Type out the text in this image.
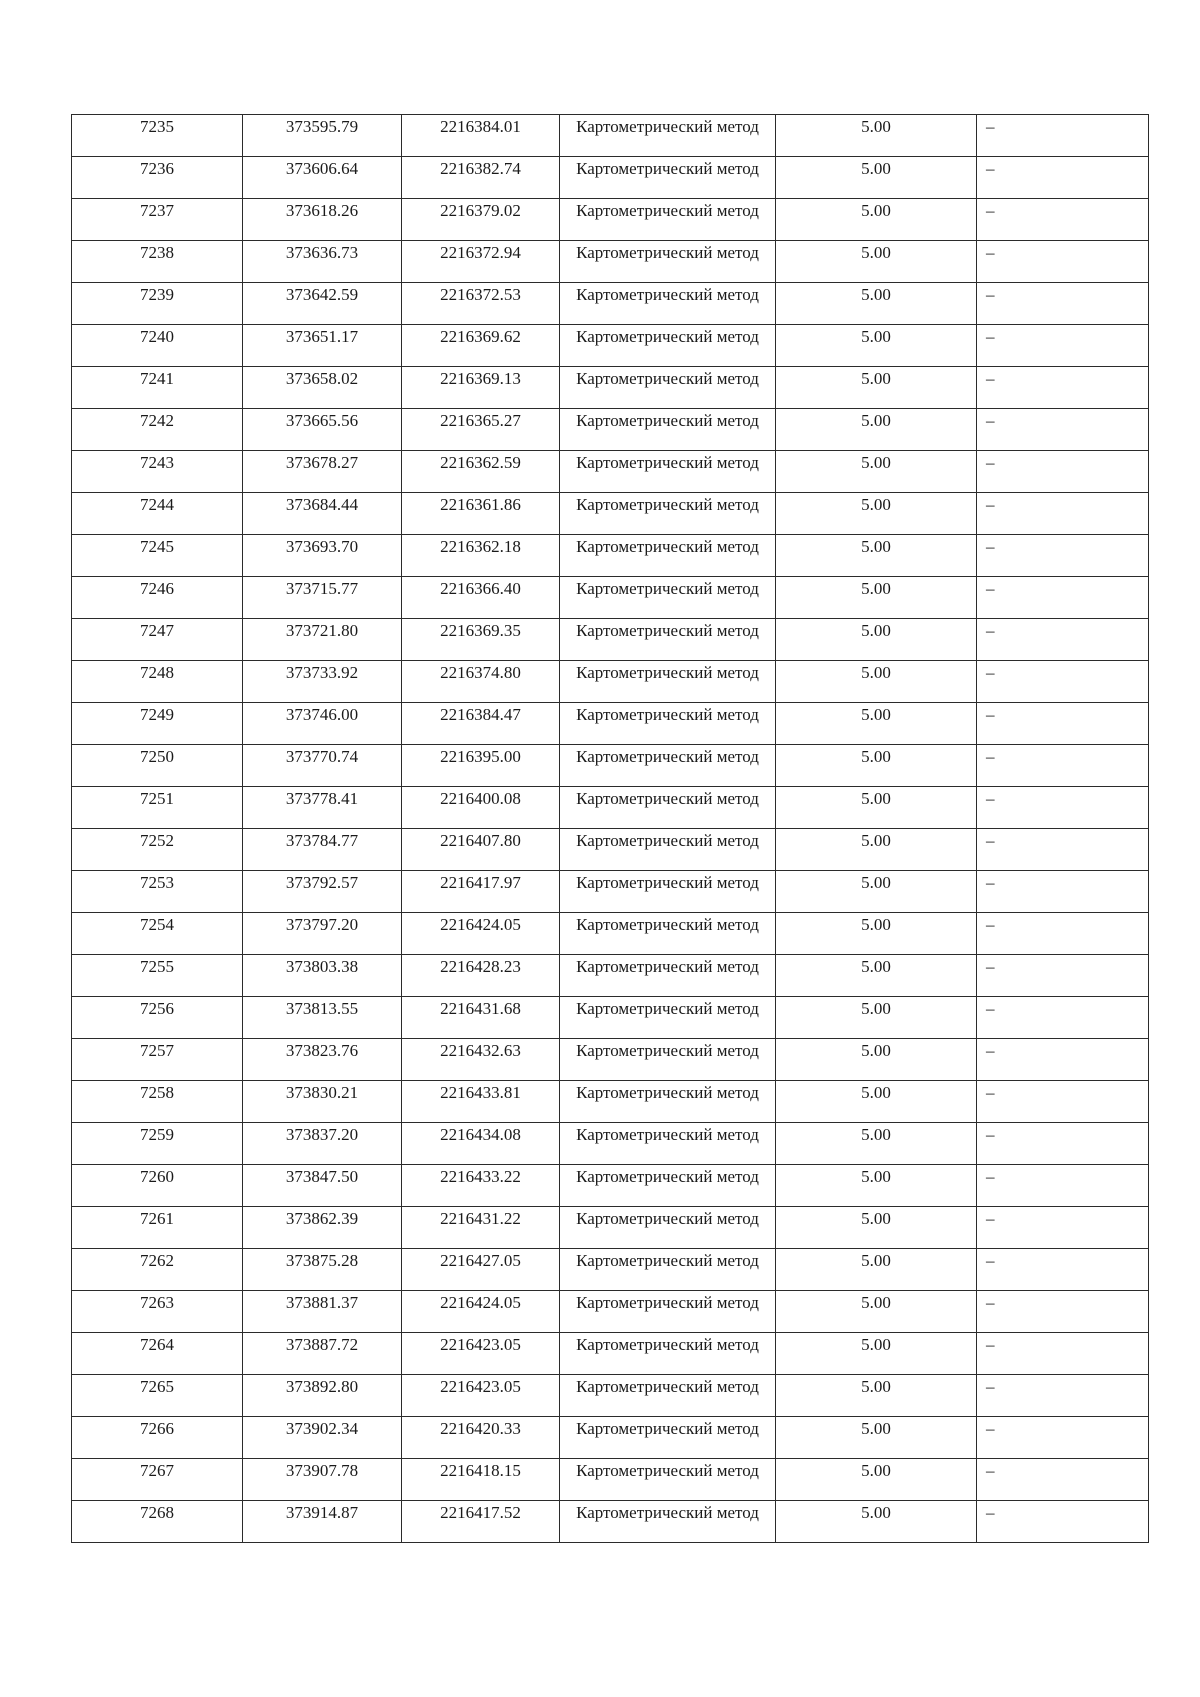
7235	373595.79	2216384.01	Картометрический метод	5.00	–

7236	373606.64	2216382.74	Картометрический метод	5.00	–

7237	373618.26	2216379.02	Картометрический метод	5.00	–

7238	373636.73	2216372.94	Картометрический метод	5.00	–

7239	373642.59	2216372.53	Картометрический метод	5.00	–

7240	373651.17	2216369.62	Картометрический метод	5.00	–

7241	373658.02	2216369.13	Картометрический метод	5.00	–

7242	373665.56	2216365.27	Картометрический метод	5.00	–

7243	373678.27	2216362.59	Картометрический метод	5.00	–

7244	373684.44	2216361.86	Картометрический метод	5.00	–

7245	373693.70	2216362.18	Картометрический метод	5.00	–

7246	373715.77	2216366.40	Картометрический метод	5.00	–

7247	373721.80	2216369.35	Картометрический метод	5.00	–

7248	373733.92	2216374.80	Картометрический метод	5.00	–

7249	373746.00	2216384.47	Картометрический метод	5.00	–

7250	373770.74	2216395.00	Картометрический метод	5.00	–

7251	373778.41	2216400.08	Картометрический метод	5.00	–

7252	373784.77	2216407.80	Картометрический метод	5.00	–

7253	373792.57	2216417.97	Картометрический метод	5.00	–

7254	373797.20	2216424.05	Картометрический метод	5.00	–

7255	373803.38	2216428.23	Картометрический метод	5.00	–

7256	373813.55	2216431.68	Картометрический метод	5.00	–

7257	373823.76	2216432.63	Картометрический метод	5.00	–

7258	373830.21	2216433.81	Картометрический метод	5.00	–

7259	373837.20	2216434.08	Картометрический метод	5.00	–

7260	373847.50	2216433.22	Картометрический метод	5.00	–

7261	373862.39	2216431.22	Картометрический метод	5.00	–

7262	373875.28	2216427.05	Картометрический метод	5.00	–

7263	373881.37	2216424.05	Картометрический метод	5.00	–

7264	373887.72	2216423.05	Картометрический метод	5.00	–

7265	373892.80	2216423.05	Картометрический метод	5.00	–

7266	373902.34	2216420.33	Картометрический метод	5.00	–

7267	373907.78	2216418.15	Картометрический метод	5.00	–

7268	373914.87	2216417.52	Картометрический метод	5.00	–
